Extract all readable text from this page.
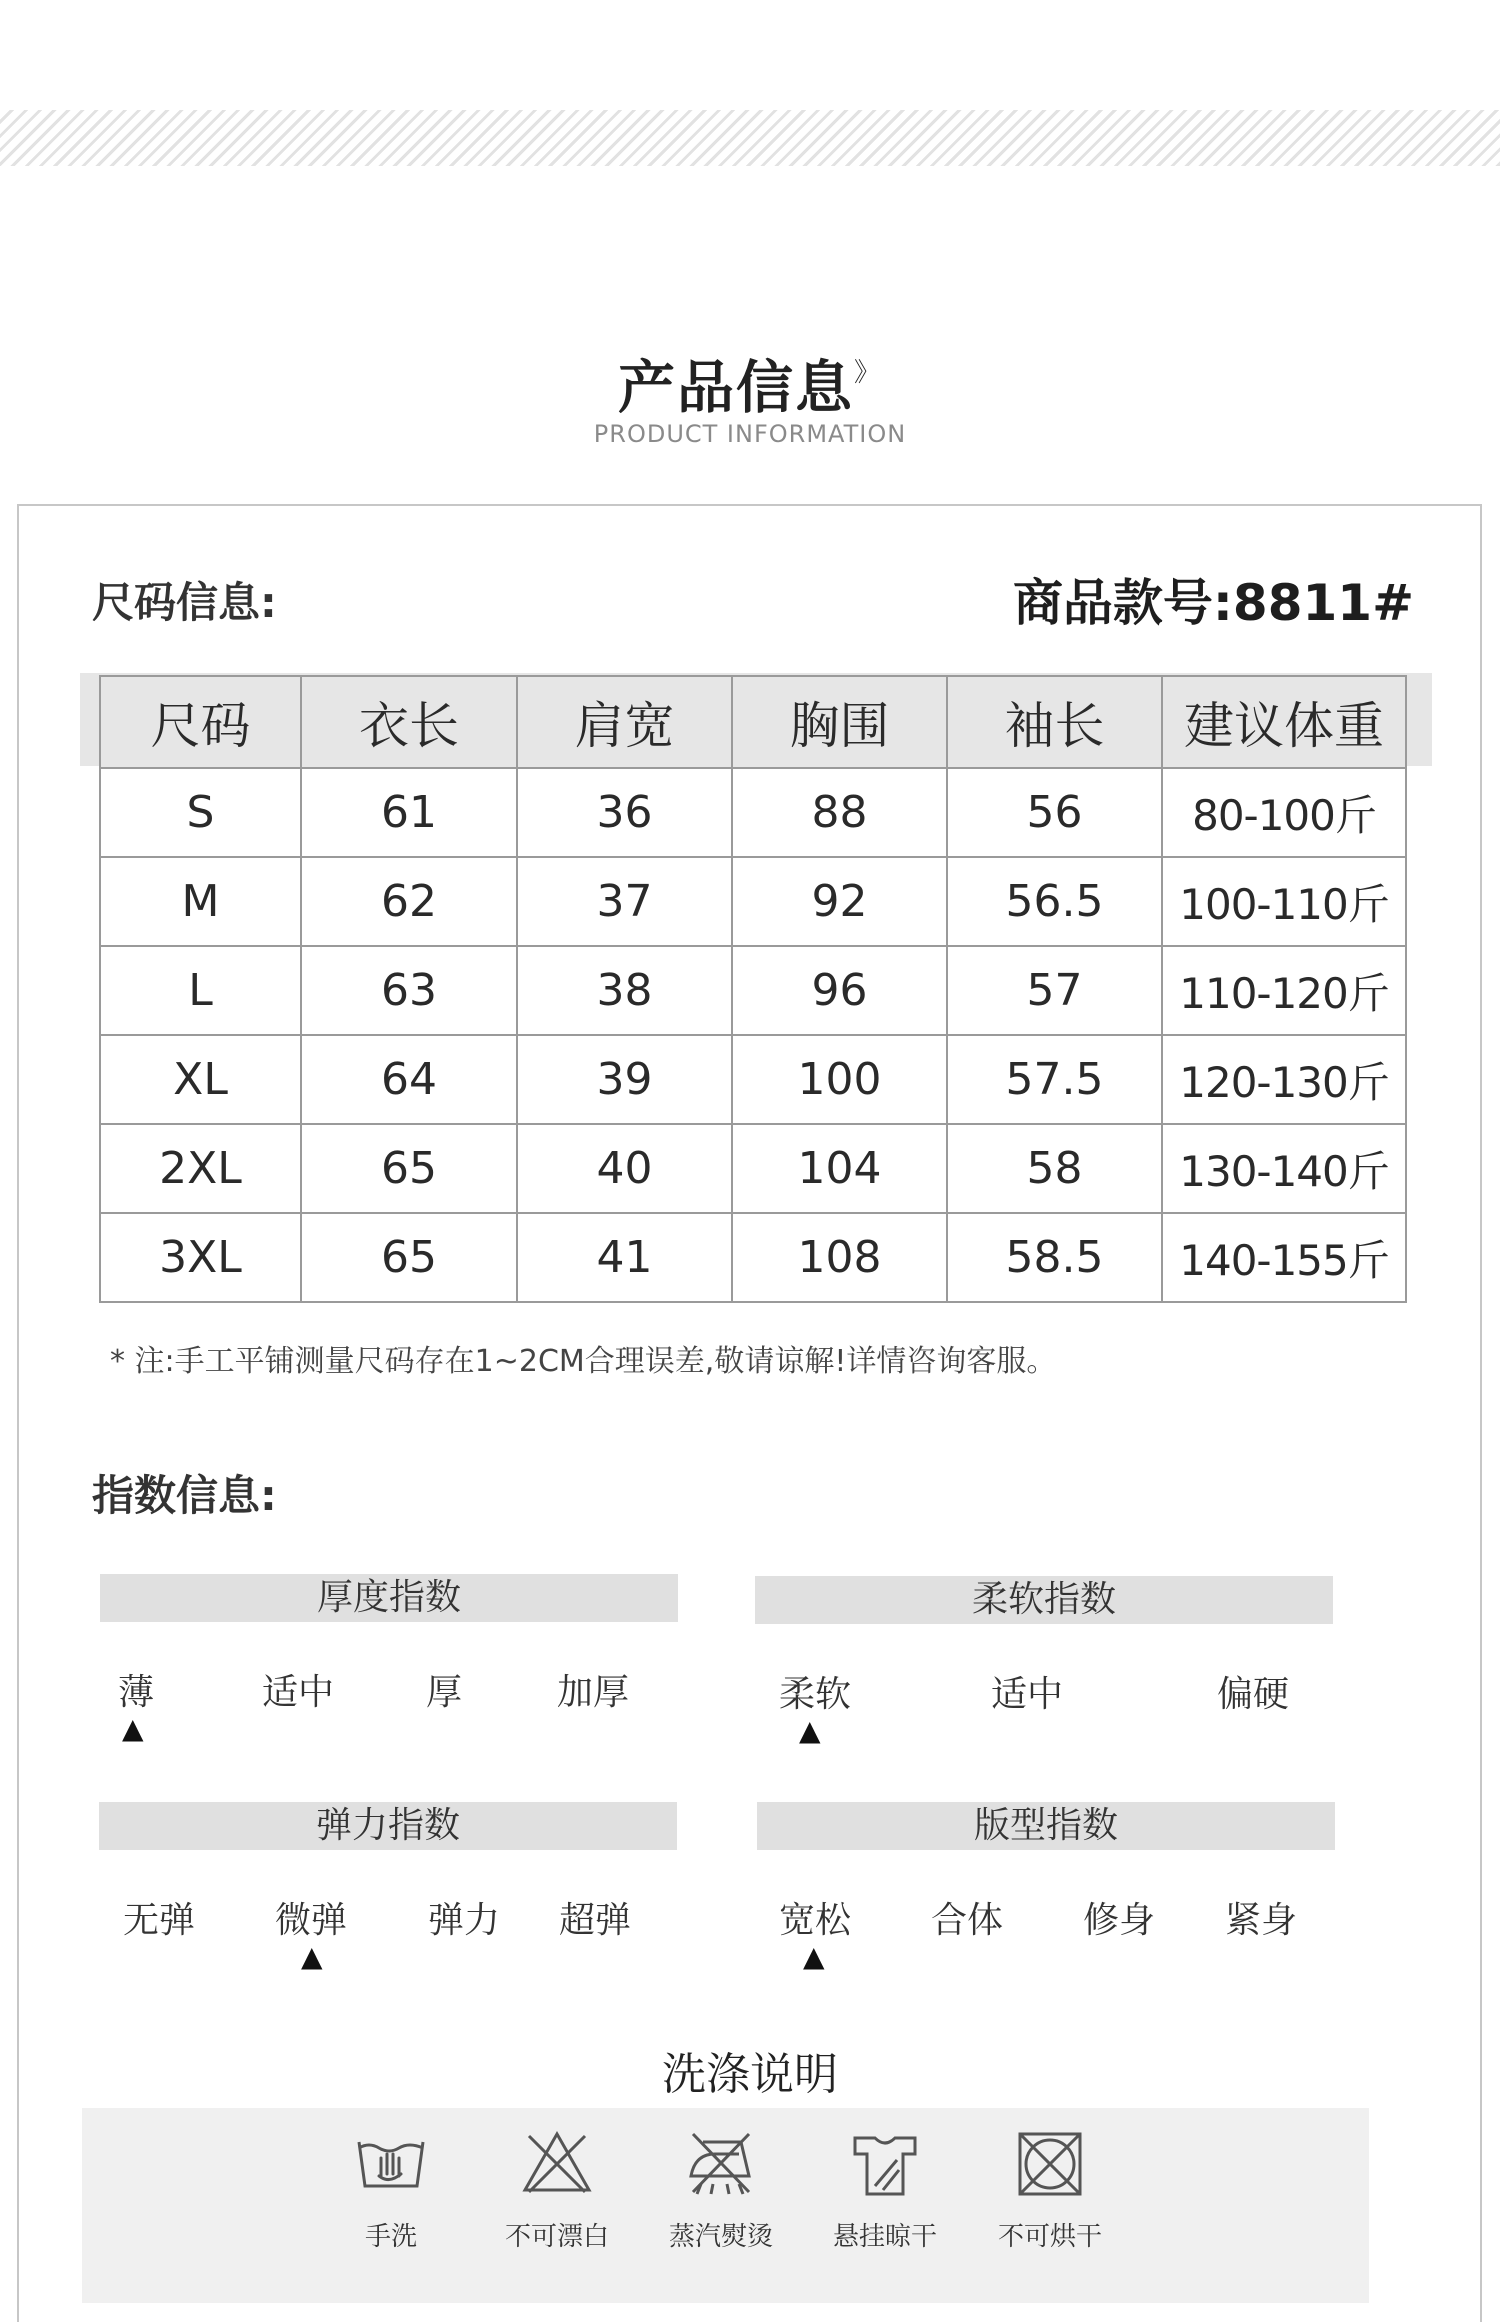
产品信息》
PRODUCT INFORMATION
尺码信息:	商品款号:8811#
尺码	衣长	肩宽	胸围	袖长	建议体重
S	61	36	88	56	80-100斤
M	62	37	92	56.5	100-110斤
L	63	38	96	57	110-120斤
XL	64	39	100	57.5	120-130斤
2XL	65	40	104	58	130-140斤
3XL	65	41	108	58.5	140-155斤
* 注:手工平铺测量尺码存在1~2CM合理误差,敬请谅解!详情咨询客服。
指数信息:
厚度指数
薄	适中	厚	加厚
▲
柔软指数
柔软	适中	偏硬
▲
弹力指数
无弹 微弹 弹力 超弹
▲
版型指数
宽松 合体 修身 紧身
▲
洗涤说明
手洗	不可漂白	蒸汽熨烫	悬挂晾干	不可烘干
